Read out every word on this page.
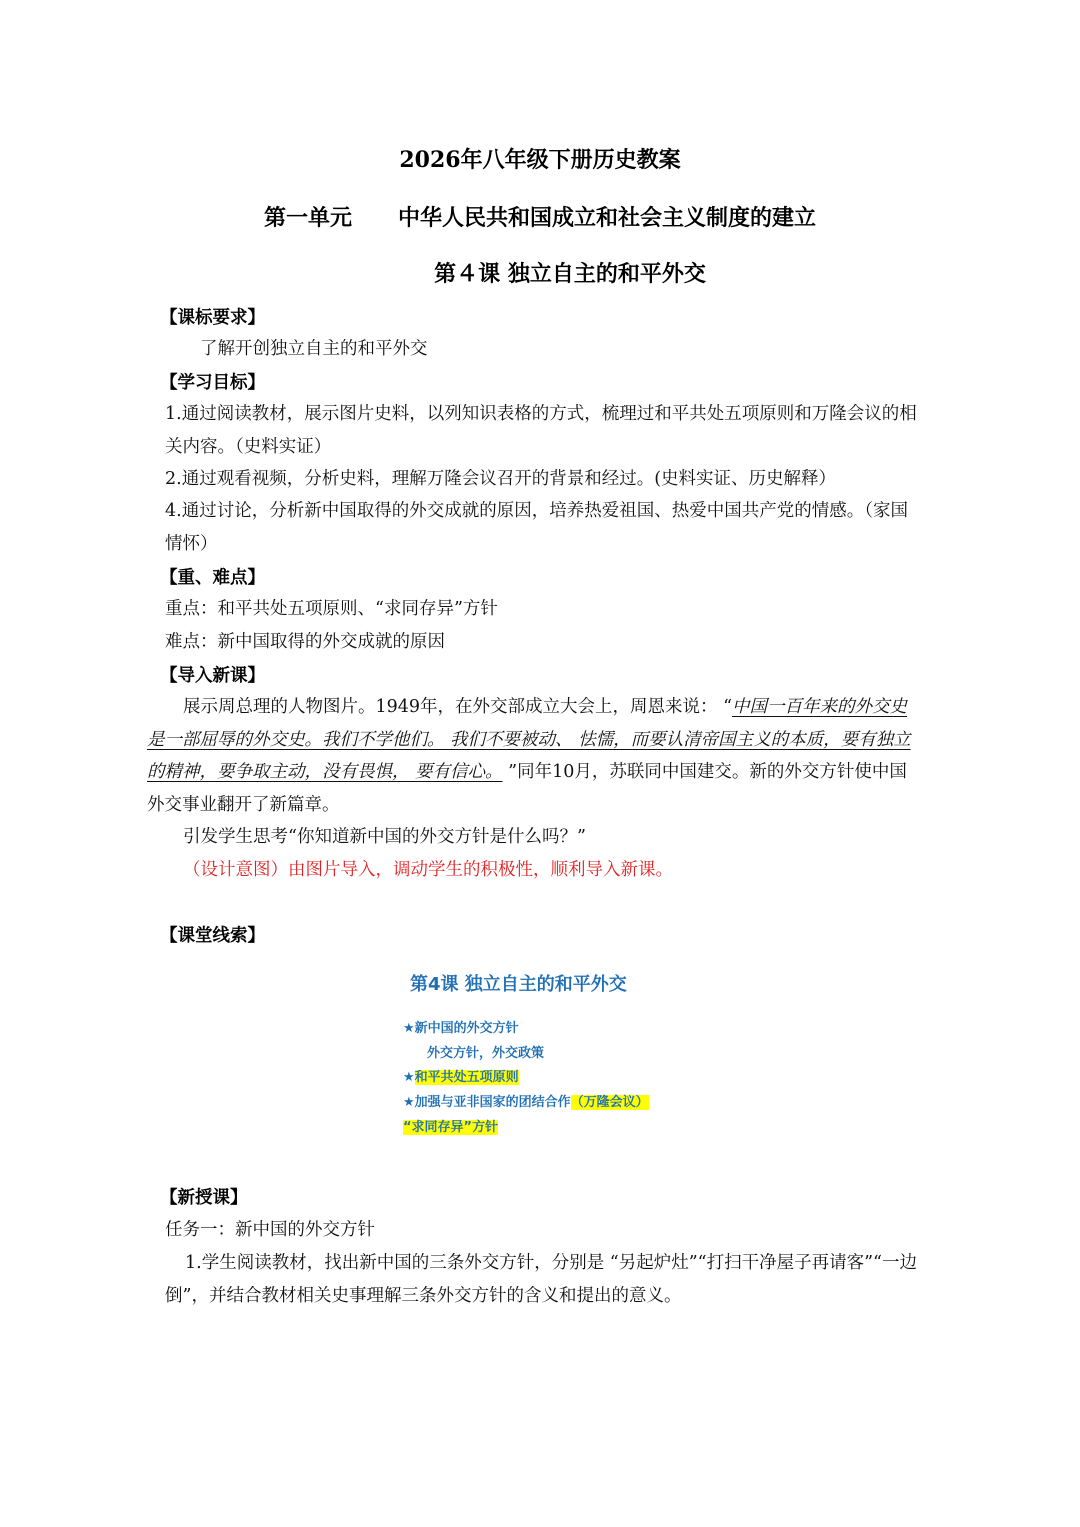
2026年八年级下册历史教案
第一单元      中华人民共和国成立和社会主义制度的建立
第４课 独立自主的和平外交
【课标要求】
了解开创独立自主的和平外交
【学习目标】
1.通过阅读教材，展示图片史料，以列知识表格的方式，梳理过和平共处五项原则和万隆会议的相关内容。（史料实证）
2.通过观看视频，分析史料，理解万隆会议召开的背景和经过。(史料实证、历史解释）
4.通过讨论，分析新中国取得的外交成就的原因，培养热爱祖国、热爱中国共产党的情感。（家国情怀）
【重、难点】
重点：和平共处五项原则、“求同存异”方针
难点：新中国取得的外交成就的原因
【导入新课】
展示周总理的人物图片。1949年，在外交部成立大会上，周恩来说： “中国一百年来的外交史是一部屈辱的外交史。我们不学他们。 我们不要被动、 怯懦，而要认清帝国主义的本质，要有独立的精神，要争取主动，没有畏惧， 要有信心。 ”同年10月，苏联同中国建交。新的外交方针使中国外交事业翻开了新篇章。
引发学生思考“你知道新中国的外交方针是什么吗？”
（设计意图）由图片导入，调动学生的积极性，顺利导入新课。
【课堂线索】
第4课 独立自主的和平外交
★新中国的外交方针
外交方针，外交政策
★和平共处五项原则
★加强与亚非国家的团结合作（万隆会议）
“求同存异”方针
【新授课】
任务一：新中国的外交方针
1.学生阅读教材，找出新中国的三条外交方针，分别是 “另起炉灶”“打扫干净屋子再请客”“一边倒”，并结合教材相关史事理解三条外交方针的含义和提出的意义。
